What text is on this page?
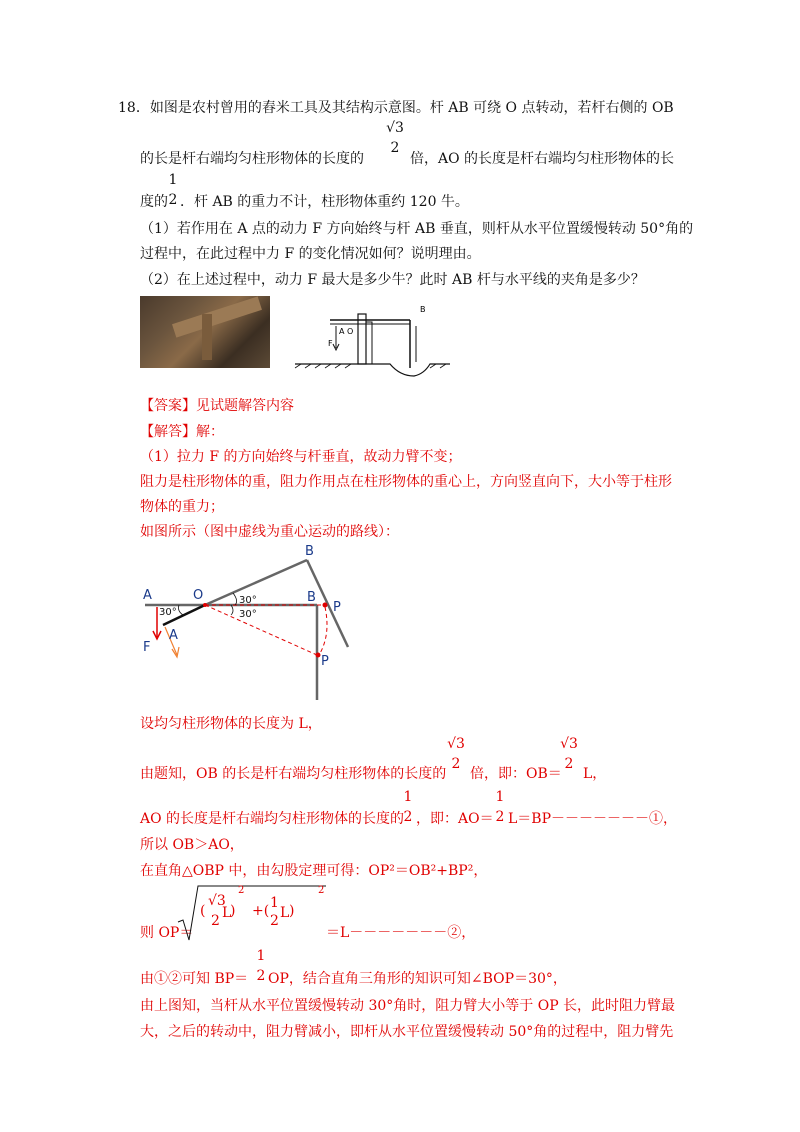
18．如图是农村曾用的舂米工具及其结构示意图。杆 AB 可绕 O 点转动，若杆右侧的 OB
√3
2
的长是杆右端均匀柱形物体的长度的	倍，AO 的长度是杆右端均匀柱形物体的长
1
2
度的 ．杆 AB 的重力不计，柱形物体重约 120 牛。
（1）若作用在 A 点的动力 F 方向始终与杆 AB 垂直，则杆从水平位置缓慢转动 50°角的
过程中，在此过程中力 F 的变化情况如何？说明理由。
（2）在上述过程中，动力 F 最大是多少牛？此时 AB 杆与水平线的夹角是多少？
A O
F
B
【答案】见试题解答内容
【解答】解：
（1）拉力 F 的方向始终与杆垂直，故动力臂不变；
阻力是柱形物体的重，阻力作用点在柱形物体的重心上，方向竖直向下，大小等于柱形
物体的重力；
如图所示（图中虚线为重心运动的路线）：
A	O
B
B
P
P
A
F
30°
30°
30°
设均匀柱形物体的长度为 L，
√3
2
√3
2
由题知，OB 的长是杆右端均匀柱形物体的长度的 倍，即：OB＝ L，
1
2
1
2
AO 的长度是杆右端均匀柱形物体的长度的 ，即：AO＝ L＝BP－－－－－－－①，
所以 OB＞AO，
在直角△OBP 中，由勾股定理可得：OP²＝OB²+BP²，
则 OP＝
√3
(
2 L
)
2
+( 1
2 L )
2
＝L－－－－－－－②，
1
2
由①②可知 BP＝ OP，结合直角三角形的知识可知∠BOP＝30°，
由上图知，当杆从水平位置缓慢转动 30°角时，阻力臂大小等于 OP 长，此时阻力臂最
大，之后的转动中，阻力臂减小，即杆从水平位置缓慢转动 50°角的过程中，阻力臂先
